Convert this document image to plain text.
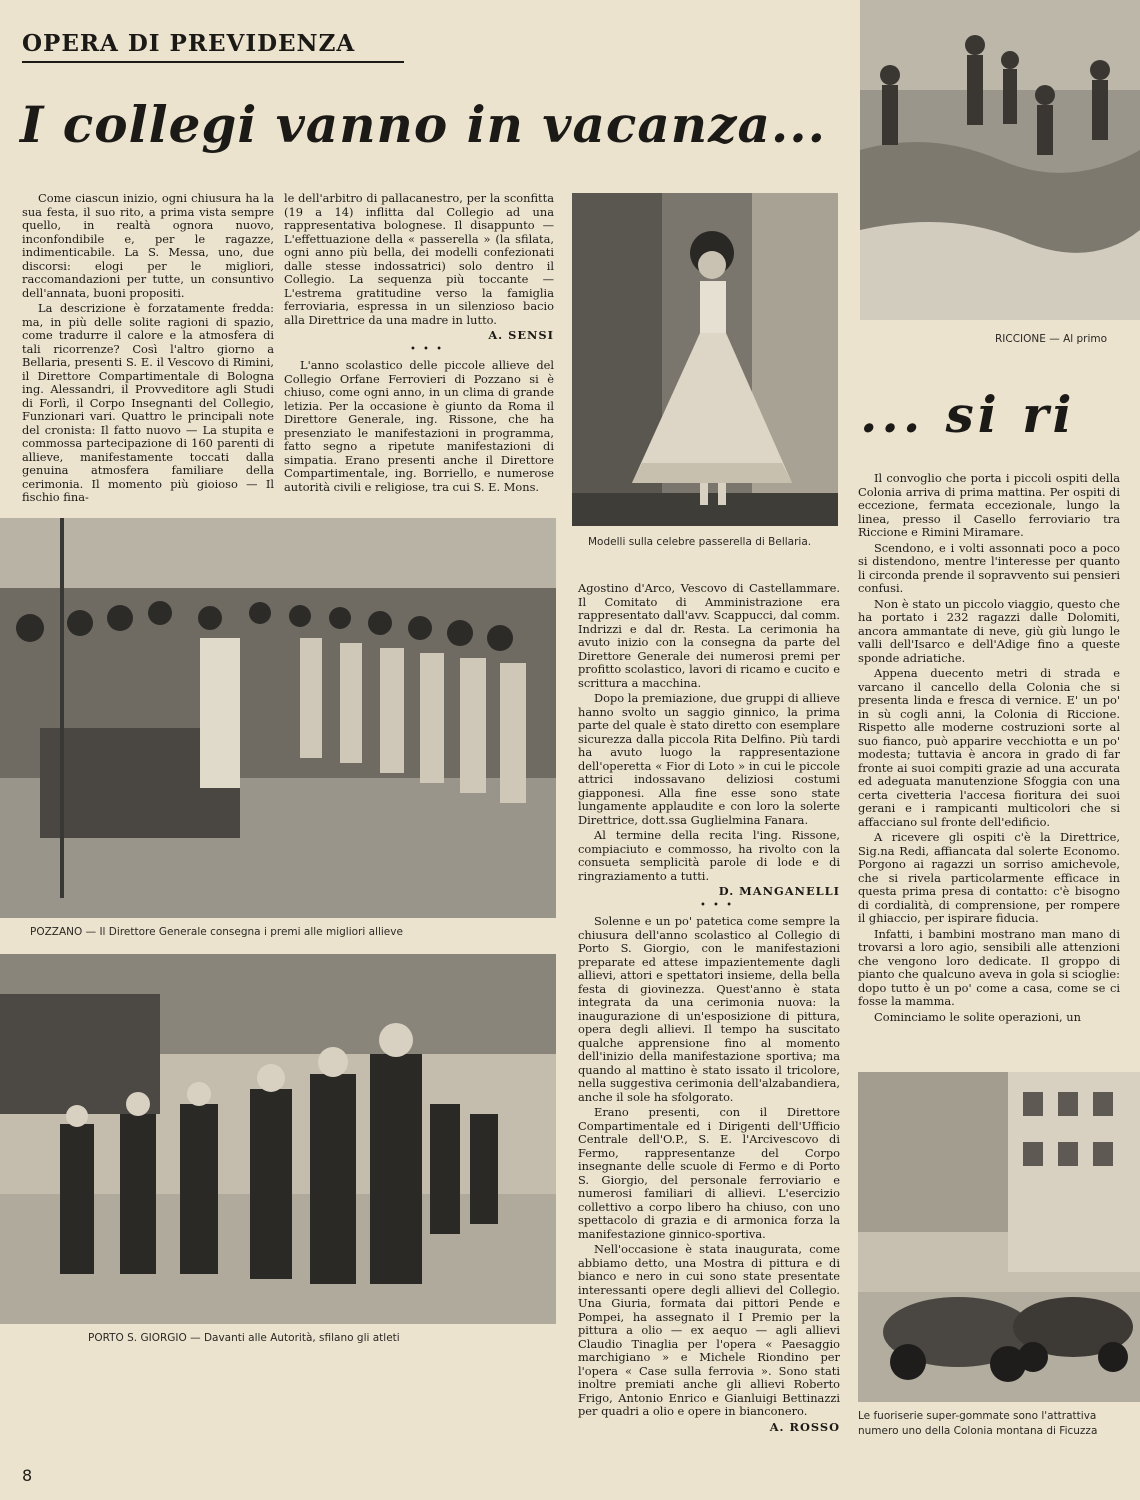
OPERA DI PREVIDENZA
I collegi vanno in vacanza...
... si ri

Come ciascun inizio, ogni chiusura ha la sua festa, il suo rito, a prima vista sempre quello, in realtà ognora nuovo, inconfondibile e, per le ragazze, indimenticabile. La S. Messa, uno, due discorsi: elogi per le migliori, raccomandazioni per tutte, un consuntivo dell'annata, buoni propositi.

La descrizione è forzatamente fredda: ma, in più delle solite ragioni di spazio, come tradurre il calore e la atmosfera di tali ricorrenze? Così l'altro giorno a Bellaria, presenti S. E. il Vescovo di Rimini, il Direttore Compartimentale di Bologna ing. Alessandri, il Provveditore agli Studi di Forlì, il Corpo Insegnanti del Collegio, Funzionari vari. Quattro le principali note del cronista: Il fatto nuovo — La stupita e commossa partecipazione di 160 parenti di allieve, manifestamente toccati dalla genuina atmosfera familiare della cerimonia. Il momento più gioioso — Il fischio fina-

le dell'arbitro di pallacanestro, per la sconfitta (19 a 14) inflitta dal Collegio ad una rappresentativa bolognese. Il disappunto — L'effettuazione della « passerella » (la sfilata, ogni anno più bella, dei modelli confezionati dalle stesse indossatrici) solo dentro il Collegio. La sequenza più toccante — L'estrema gratitudine verso la famiglia ferroviaria, espressa in un silenzioso bacio alla Direttrice da una madre in lutto.

A. SENSI

• • •

L'anno scolastico delle piccole allieve del Collegio Orfane Ferrovieri di Pozzano si è chiuso, come ogni anno, in un clima di grande letizia. Per la occasione è giunto da Roma il Direttore Generale, ing. Rissone, che ha presenziato le manifestazioni in programma, fatto segno a ripetute manifestazioni di simpatia. Erano presenti anche il Direttore Compartimentale, ing. Borriello, e numerose autorità civili e religiose, tra cui S. E. Mons.

Modelli sulla celebre passerella di Bellaria.
POZZANO — Il Direttore Generale consegna i premi alle migliori allieve
PORTO S. GIORGIO — Davanti alle Autorità, sfilano gli atleti

Agostino d'Arco, Vescovo di Castellammare. Il Comitato di Amministrazione era rappresentato dall'avv. Scappucci, dal comm. Indrizzi e dal dr. Resta. La cerimonia ha avuto inizio con la consegna da parte del Direttore Generale dei numerosi premi per profitto scolastico, lavori di ricamo e cucito e scrittura a macchina.

Dopo la premiazione, due gruppi di allieve hanno svolto un saggio ginnico, la prima parte del quale è stato diretto con esemplare sicurezza dalla piccola Rita Delfino. Più tardi ha avuto luogo la rappresentazione dell'operetta « Fior di Loto » in cui le piccole attrici indossavano deliziosi costumi giapponesi. Alla fine esse sono state lungamente applaudite e con loro la solerte Direttrice, dott.ssa Guglielmina Fanara.

Al termine della recita l'ing. Rissone, compiaciuto e commosso, ha rivolto con la consueta semplicità parole di lode e di ringraziamento a tutti.

D. MANGANELLI

• • •

Solenne e un po' patetica come sempre la chiusura dell'anno scolastico al Collegio di Porto S. Giorgio, con le manifestazioni preparate ed attese impazientemente dagli allievi, attori e spettatori insieme, della bella festa di giovinezza. Quest'anno è stata integrata da una cerimonia nuova: la inaugurazione di un'esposizione di pittura, opera degli allievi. Il tempo ha suscitato qualche apprensione fino al momento dell'inizio della manifestazione sportiva; ma quando al mattino è stato issato il tricolore, nella suggestiva cerimonia dell'alzabandiera, anche il sole ha sfolgorato.

Erano presenti, con il Direttore Compartimentale ed i Dirigenti dell'Ufficio Centrale dell'O.P., S. E. l'Arcivescovo di Fermo, rappresentanze del Corpo insegnante delle scuole di Fermo e di Porto S. Giorgio, del personale ferroviario e numerosi familiari di allievi. L'esercizio collettivo a corpo libero ha chiuso, con uno spettacolo di grazia e di armonica forza la manifestazione ginnico-sportiva.

Nell'occasione è stata inaugurata, come abbiamo detto, una Mostra di pittura e di bianco e nero in cui sono state presentate interessanti opere degli allievi del Collegio. Una Giuria, formata dai pittori Pende e Pompei, ha assegnato il I Premio per la pittura a olio — ex aequo — agli allievi Claudio Tinaglia per l'opera « Paesaggio marchigiano » e Michele Riondino per l'opera « Case sulla ferrovia ». Sono stati inoltre premiati anche gli allievi Roberto Frigo, Antonio Enrico e Gianluigi Bettinazzi per quadri a olio e opere in bianconero.

A. ROSSO

RICCIONE — Al primo

Il convoglio che porta i piccoli ospiti della Colonia arriva di prima mattina. Per ospiti di eccezione, fermata eccezionale, lungo la linea, presso il Casello ferroviario tra Riccione e Rimini Miramare.

Scendono, e i volti assonnati poco a poco si distendono, mentre l'interesse per quanto li circonda prende il sopravvento sui pensieri confusi.

Non è stato un piccolo viaggio, questo che ha portato i 232 ragazzi dalle Dolomiti, ancora ammantate di neve, giù giù lungo le valli dell'Isarco e dell'Adige fino a queste sponde adriatiche.

Appena duecento metri di strada e varcano il cancello della Colonia che si presenta linda e fresca di vernice. E' un po' in sù cogli anni, la Colonia di Riccione. Rispetto alle moderne costruzioni sorte al suo fianco, può apparire vecchiotta e un po' modesta; tuttavia è ancora in grado di far fronte ai suoi compiti grazie ad una accurata ed adeguata manutenzione Sfoggia con una certa civetteria l'accesa fioritura dei suoi gerani e i rampicanti multicolori che si affacciano sul fronte dell'edificio.

A ricevere gli ospiti c'è la Direttrice, Sig.na Redi, affiancata dal solerte Economo. Porgono ai ragazzi un sorriso amichevole, che si rivela particolarmente efficace in questa prima presa di contatto: c'è bisogno di cordialità, di comprensione, per rompere il ghiaccio, per ispirare fiducia.

Infatti, i bambini mostrano man mano di trovarsi a loro agio, sensibili alle attenzioni che vengono loro dedicate. Il groppo di pianto che qualcuno aveva in gola si scioglie: dopo tutto è un po' come a casa, come se ci fosse la mamma.

Cominciamo le solite operazioni, un

Le fuoriserie super-gommate sono l'attrattiva
numero uno della Colonia montana di Ficuzza
8
